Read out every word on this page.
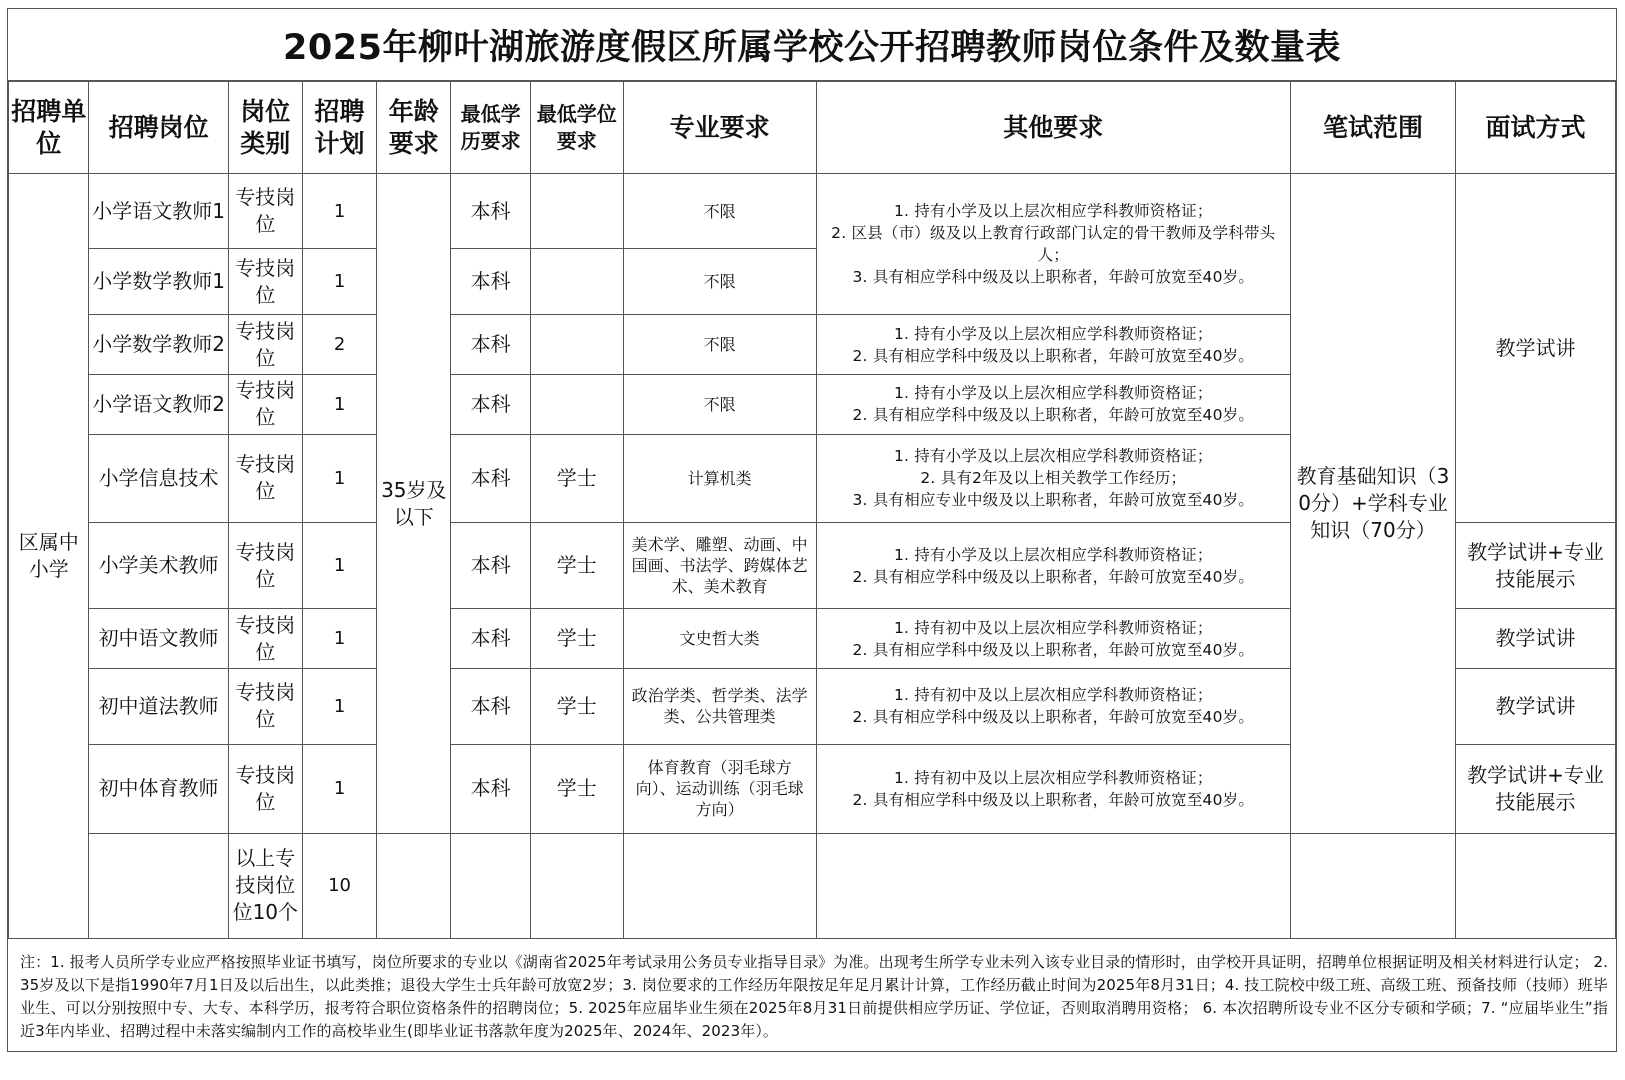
2025年柳叶湖旅游度假区所属学校公开招聘教师岗位条件及数量表
招聘单位	招聘岗位	岗位类别	招聘计划	年龄要求	最低学历要求	最低学位要求	专业要求	其他要求	笔试范围	面试方式
区属中小学	小学语文教师1	专技岗位	1	35岁及以下	本科		不限	1. 持有小学及以上层次相应学科教师资格证；
2. 区县（市）级及以上教育行政部门认定的骨干教师及学科带头人；
3. 具有相应学科中级及以上职称者，年龄可放宽至40岁。	教育基础知识（30分）+学科专业知识（70分）	教学试讲
	小学数学教师1	专技岗位	1		本科		不限			
	小学数学教师2	专技岗位	2		本科		不限	1. 持有小学及以上层次相应学科教师资格证；
2. 具有相应学科中级及以上职称者，年龄可放宽至40岁。		

	小学语文教师2	专技岗位	1		本科		不限	1. 持有小学及以上层次相应学科教师资格证；
2. 具有相应学科中级及以上职称者，年龄可放宽至40岁。		

	小学信息技术	专技岗位	1		本科	学士	计算机类	1. 持有小学及以上层次相应学科教师资格证；
2. 具有2年及以上相关教学工作经历；
3. 具有相应专业中级及以上职称者，年龄可放宽至40岁。		

	小学美术教师	专技岗位	1		本科	学士	美术学、雕塑、动画、中国画、书法学、跨媒体艺术、美术教育	1. 持有小学及以上层次相应学科教师资格证；
2. 具有相应学科中级及以上职称者，年龄可放宽至40岁。		教学试讲+专业技能展示
	初中语文教师	专技岗位	1		本科	学士	文史哲大类	1. 持有初中及以上层次相应学科教师资格证；
2. 具有相应学科中级及以上职称者，年龄可放宽至40岁。		教学试讲
	初中道法教师	专技岗位	1		本科	学士	政治学类、哲学类、法学类、公共管理类	1. 持有初中及以上层次相应学科教师资格证；
2. 具有相应学科中级及以上职称者，年龄可放宽至40岁。		教学试讲
	初中体育教师	专技岗位	1		本科	学士	体育教育（羽毛球方向）、运动训练（羽毛球方向）	1. 持有初中及以上层次相应学科教师资格证；
2. 具有相应学科中级及以上职称者，年龄可放宽至40岁。		教学试讲+专业技能展示
		以上专技岗位位10个	10							
注：1. 报考人员所学专业应严格按照毕业证书填写，岗位所要求的专业以《湖南省2025年考试录用公务员专业指导目录》为准。出现考生所学专业未列入该专业目录的情形时，由学校开具证明，招聘单位根据证明及相关材料进行认定； 2. 35岁及以下是指1990年7月1日及以后出生，以此类推；退役大学生士兵年龄可放宽2岁；3. 岗位要求的工作经历年限按足年足月累计计算，工作经历截止时间为2025年8月31日；4. 技工院校中级工班、高级工班、预备技师（技师）班毕业生、可以分别按照中专、大专、本科学历，报考符合职位资格条件的招聘岗位；5. 2025年应届毕业生须在2025年8月31日前提供相应学历证、学位证，否则取消聘用资格； 6. 本次招聘所设专业不区分专硕和学硕；7. “应届毕业生”指近3年内毕业、招聘过程中未落实编制内工作的高校毕业生(即毕业证书落款年度为2025年、2024年、2023年）。
